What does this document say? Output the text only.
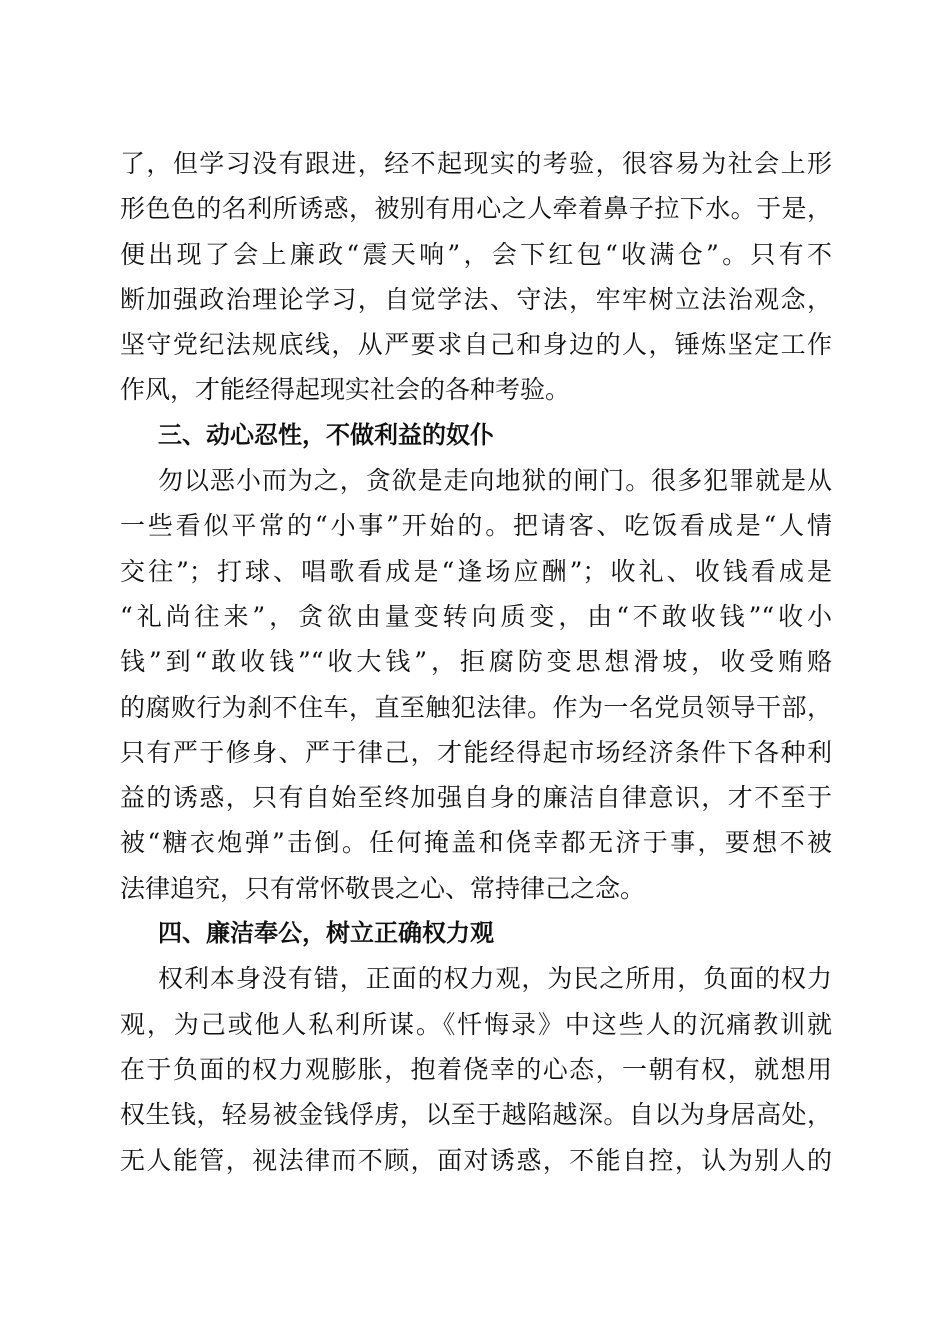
了，但学习没有跟进，经不起现实的考验，很容易为社会上形
形色色的名利所诱惑，被别有用心之人牵着鼻子拉下水。于是，
便出现了会上廉政“震天响”，会下红包“收满仓”。只有不
断加强政治理论学习，自觉学法、守法，牢牢树立法治观念，
坚守党纪法规底线，从严要求自己和身边的人，锤炼坚定工作
作风，才能经得起现实社会的各种考验。
三、动心忍性，不做利益的奴仆
勿以恶小而为之，贪欲是走向地狱的闸门。很多犯罪就是从
一些看似平常的“小事”开始的。把请客、吃饭看成是“人情
交往”；打球、唱歌看成是“逢场应酬”；收礼、收钱看成是
“礼尚往来”，贪欲由量变转向质变，由“不敢收钱”“收小
钱”到“敢收钱”“收大钱”，拒腐防变思想滑坡，收受贿赂
的腐败行为刹不住车，直至触犯法律。作为一名党员领导干部，
只有严于修身、严于律己，才能经得起市场经济条件下各种利
益的诱惑，只有自始至终加强自身的廉洁自律意识，才不至于
被“糖衣炮弹”击倒。任何掩盖和侥幸都无济于事，要想不被
法律追究，只有常怀敬畏之心、常持律己之念。
四、廉洁奉公，树立正确权力观
权利本身没有错，正面的权力观，为民之所用，负面的权力
观，为己或他人私利所谋。《忏悔录》中这些人的沉痛教训就
在于负面的权力观膨胀，抱着侥幸的心态，一朝有权，就想用
权生钱，轻易被金钱俘虏，以至于越陷越深。自以为身居高处，
无人能管，视法律而不顾，面对诱惑，不能自控，认为别人的
